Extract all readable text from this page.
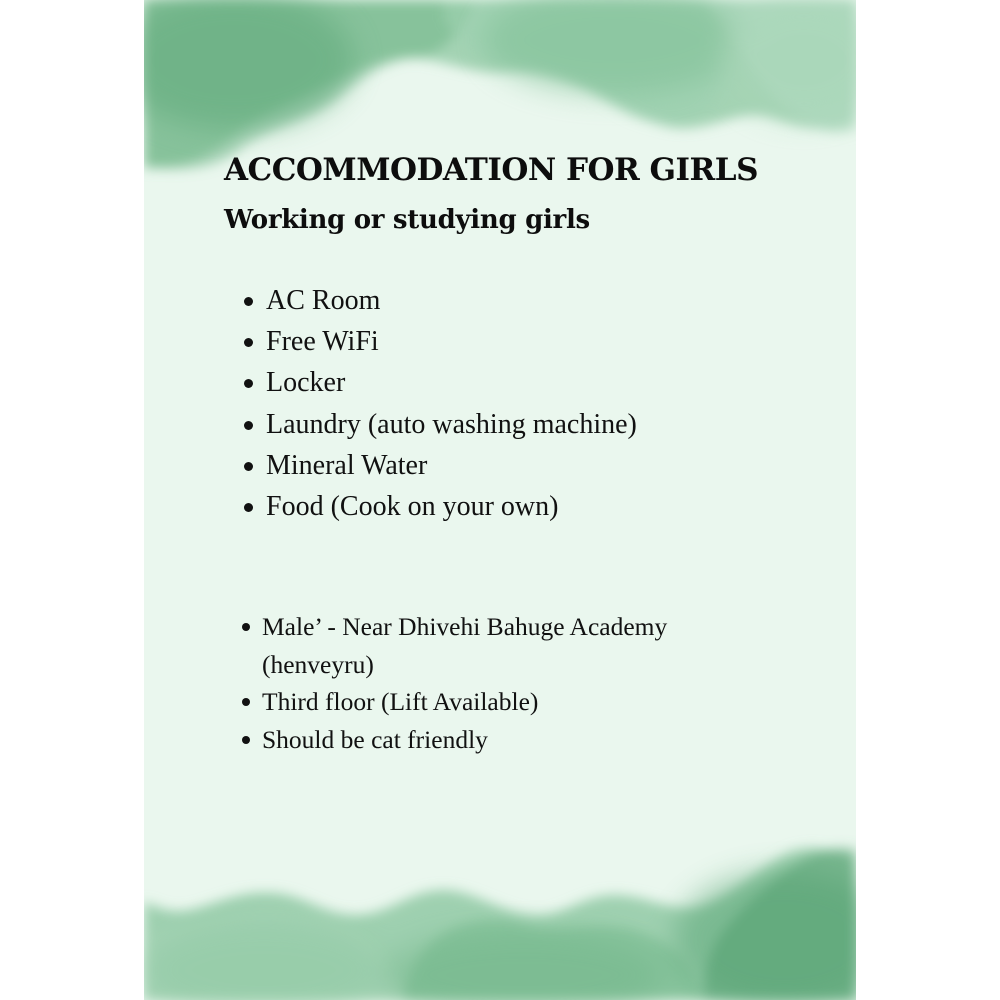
ACCOMMODATION FOR GIRLS
Working or studying girls
AC Room
Free WiFi
Locker
Laundry (auto washing machine)
Mineral Water
Food (Cook on your own)
Male’ - Near Dhivehi Bahuge Academy (henveyru)
Third floor (Lift Available)
Should be cat friendly
